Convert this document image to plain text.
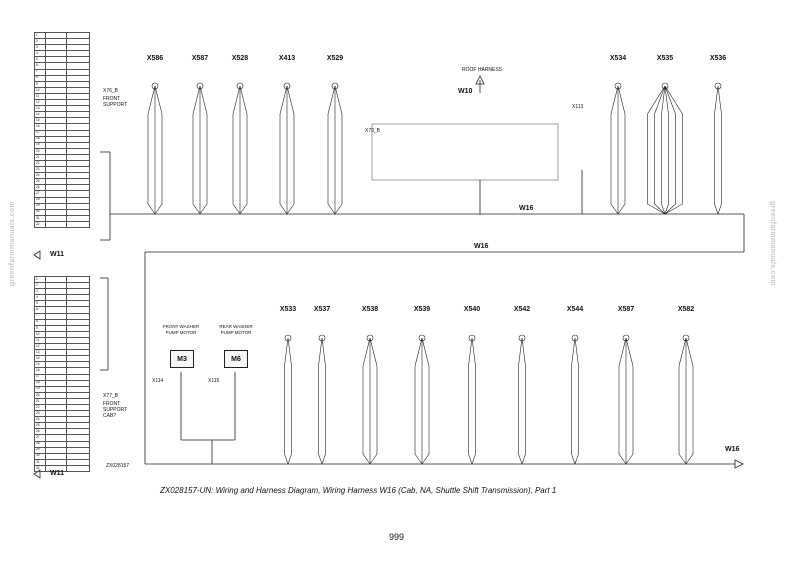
1		
2		
3		
4		
5		
6		
7		
8		
9		
10		
11		
12		
13		
14		
15		
16		
17		
18		
19		
20		
21		
22		
23		
24		
25		
26		
27		
28		
29		
30		
31		
32		
1		
2		
3		
4		
5		
6		
7		
8		
9		
10		
11		
12		
13		
14		
15		
16		
17		
18		
19		
20		
21		
22		
23		
24		
25		
26		
27		
28		
29		
30		
31		
32		
W16
W16
W16
W10
ROOF HARNESS
W11
W11
ZX028157
X76_B
FRONT SUPPORT
X77_B
FRONT SUPPORT CAB?
X79_B
X113
FRONT WASHER PUMP MOTOR
M3
X114
REAR WASHER PUMP MOTOR
M6
X115
X586	X587	X528	X413	X529	X534	X535	X536
X533	X537	X538	X539	X540	X542	X544	X587	X582
greenfarmmanuals.com	greenfarmmanuals.com
ZX028157-UN: Wiring and Harness Diagram, Wiring Harness W16 (Cab, NA, Shuttle Shift Transmission), Part 1
999
